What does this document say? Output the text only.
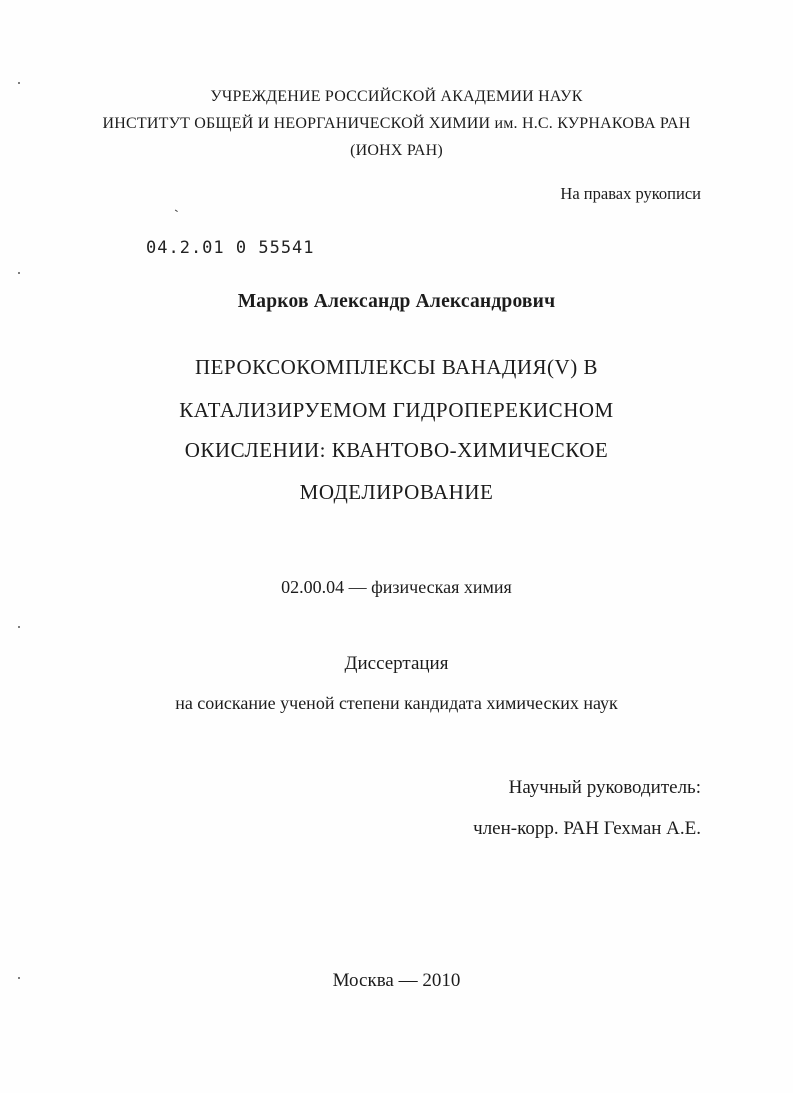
УЧРЕЖДЕНИЕ РОССИЙСКОЙ АКАДЕМИИ НАУК
ИНСТИТУТ ОБЩЕЙ И НЕОРГАНИЧЕСКОЙ ХИМИИ им. Н.С. КУРНАКОВА РАН
(ИОНХ РАН)
На правах рукописи
04.2.01 0 55541
Марков Александр Александрович
ПЕРОКСОКОМПЛЕКСЫ ВАНАДИЯ(V) В
КАТАЛИЗИРУЕМОМ ГИДРОПЕРЕКИСНОМ
ОКИСЛЕНИИ: КВАНТОВО-ХИМИЧЕСКОЕ
МОДЕЛИРОВАНИЕ
02.00.04 — физическая химия
Диссертация
на соискание ученой степени кандидата химических наук
Научный руководитель:
член-корр. РАН Гехман А.Е.
Москва — 2010
